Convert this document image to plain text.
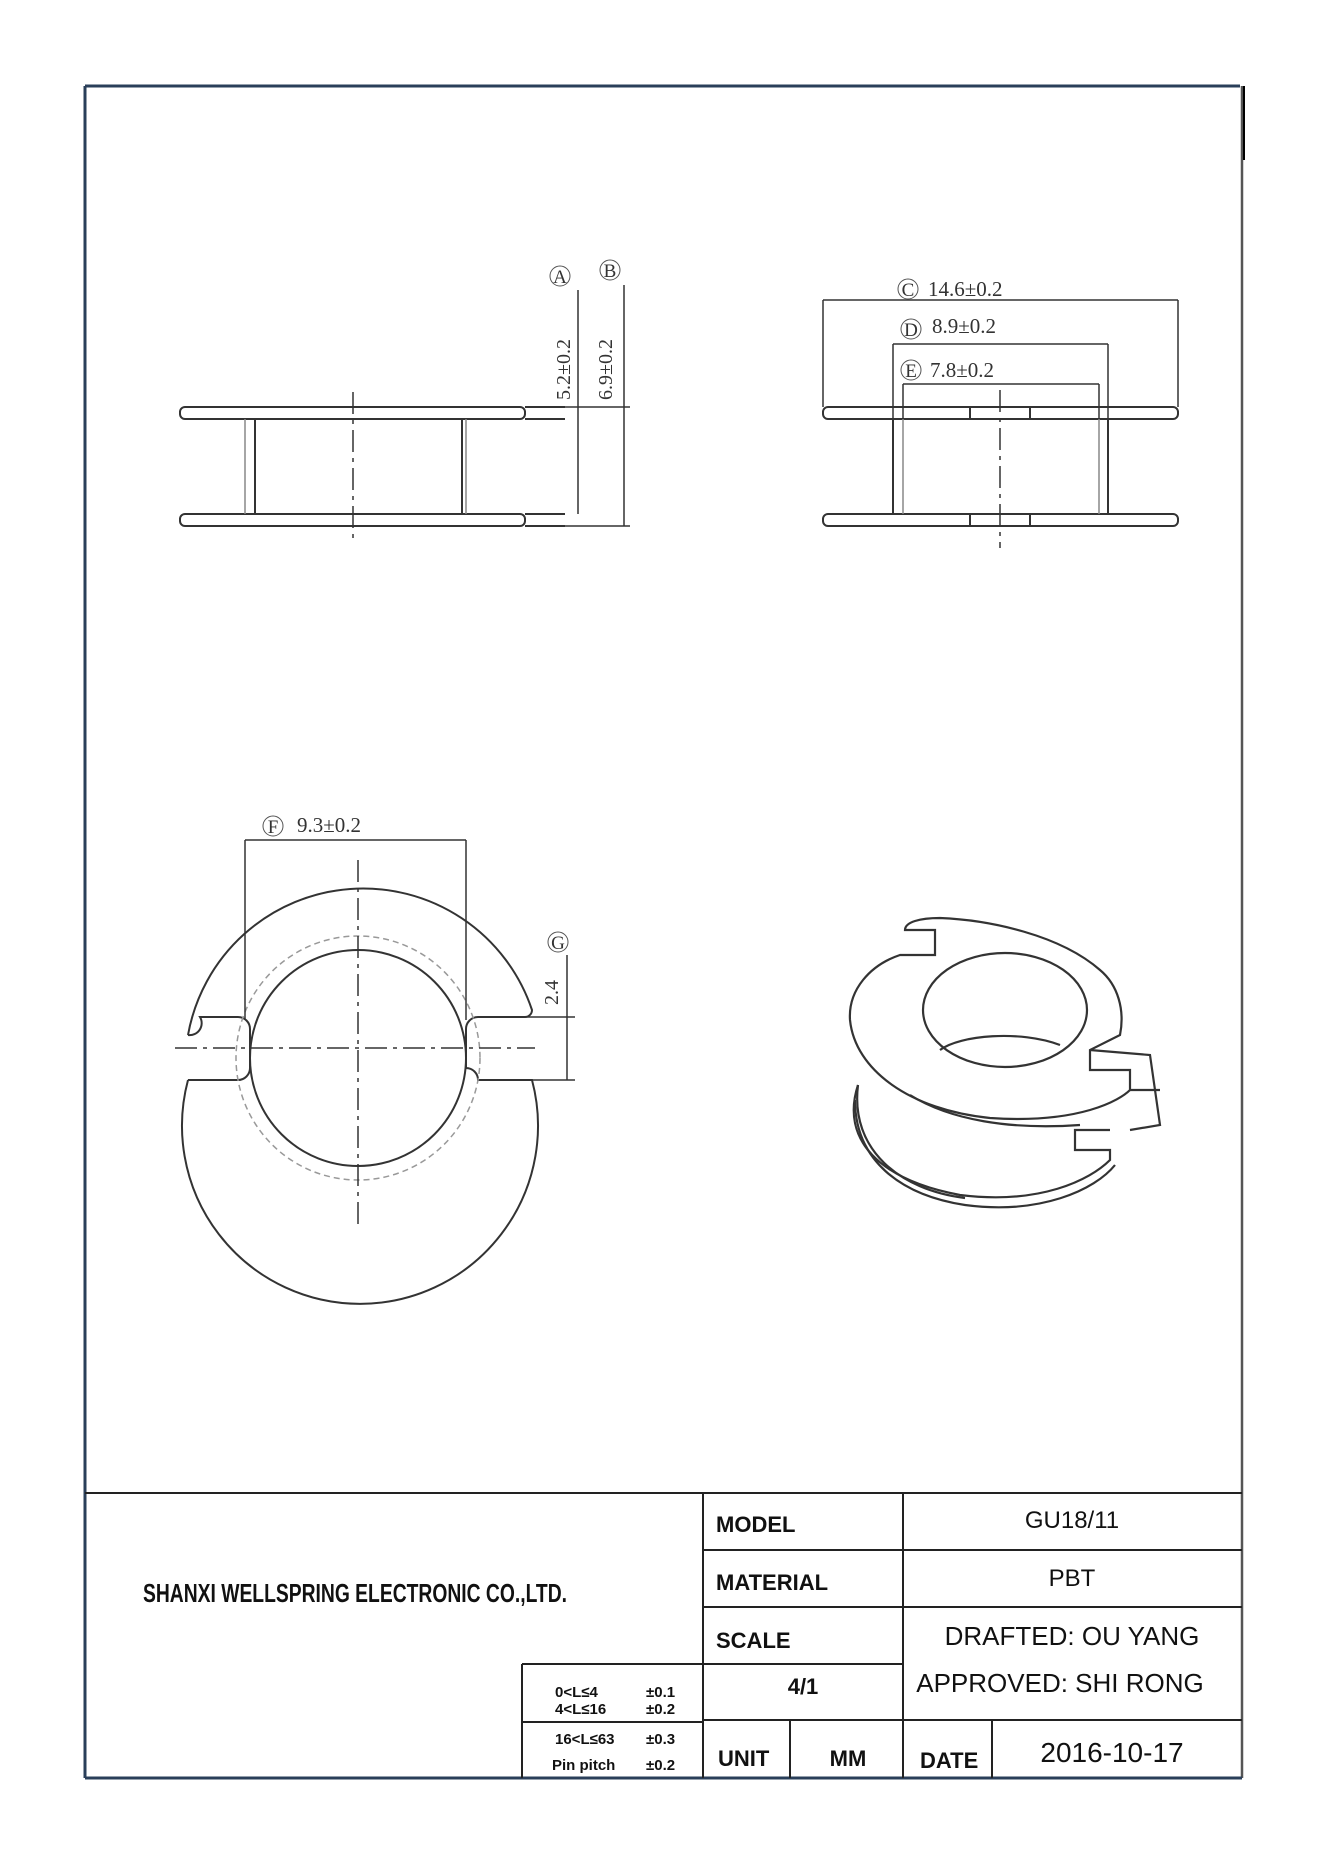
A
5.2±0.2
B
6.9±0.2
C 14.6±0.2
D 8.9±0.2
E 7.8±0.2
F 9.3±0.2
G
2.4
SHANXI WELLSPRING ELECTRONIC CO.,LTD.
MODEL	GU18/11
MATERIAL	PBT
SCALE	DRAFTED: OU YANG
4/1	APPROVED: SHI RONG
UNIT	MM DATE 2016-10-17
0<L≤4	±0.1
4<L≤16	±0.2
16<L≤63 ±0.3
Pin pitch ±0.2
